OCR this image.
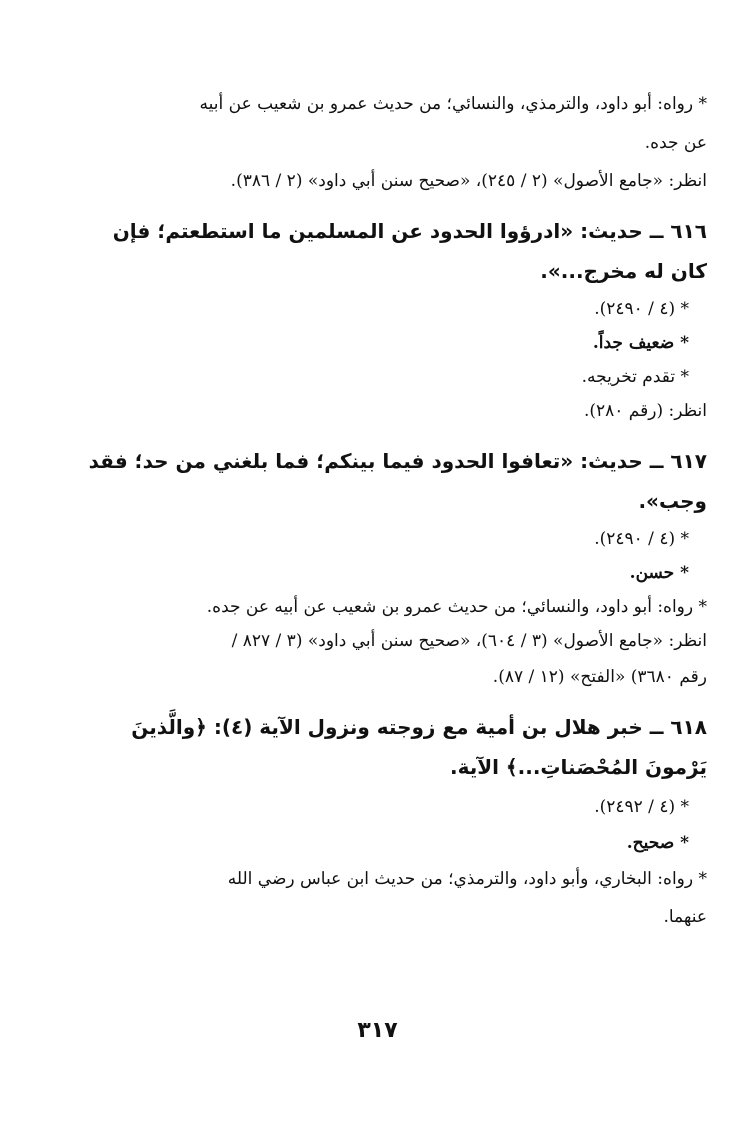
* رواه: أبو داود، والترمذي، والنسائي؛ من حديث عمرو بن شعيب عن أبيه
عن جده.
انظر: «جامع الأصول» (٢ / ٢٤٥)، «صحيح سنن أبي داود» (٢ / ٣٨٦).
٦١٦ ــ حديث: «ادرؤوا الحدود عن المسلمين ما استطعتم؛ فإن
كان له مخرج...».
* (٤ / ٢٤٩٠).
* ضعيف جداً.
* تقدم تخريجه.
انظر: (رقم ٢٨٠).
٦١٧ ــ حديث: «تعافوا الحدود فيما بينكم؛ فما بلغني من حد؛ فقد
وجب».
* (٤ / ٢٤٩٠).
* حسن.
* رواه: أبو داود، والنسائي؛ من حديث عمرو بن شعيب عن أبيه عن جده.
انظر: «جامع الأصول» (٣ / ٦٠٤)، «صحيح سنن أبي داود» (٣ / ٨٢٧ /
رقم ٣٦٨٠) «الفتح» (١٢ / ٨٧).
٦١٨ ــ خبر هلال بن أمية مع زوجته ونزول الآية (٤): ﴿والَّذينَ
يَرْمونَ المُحْصَناتِ...﴾ الآية.
* (٤ / ٢٤٩٢).
* صحيح.
* رواه: البخاري، وأبو داود، والترمذي؛ من حديث ابن عباس رضي الله
عنهما.
٣١٧
